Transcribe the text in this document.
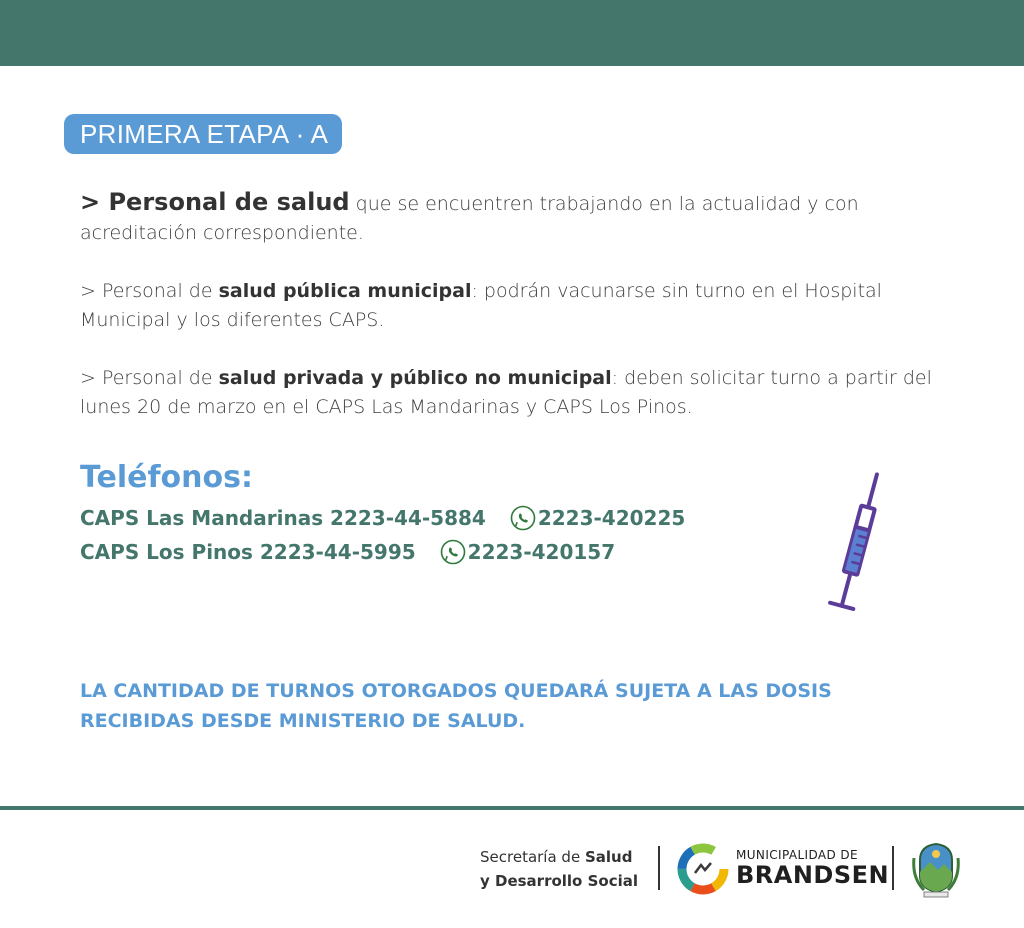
PRIMERA ETAPA · A

> Personal de salud que se encuentren trabajando en la actualidad y con acreditación correspondiente.

> Personal de salud pública municipal: podrán vacunarse sin turno en el Hospital Municipal y los diferentes CAPS.

> Personal de salud privada y público no municipal: deben solicitar turno a partir del lunes 20 de marzo en el CAPS Las Mandarinas y CAPS Los Pinos.

Teléfonos:
CAPS Las Mandarinas 2223-44-5884	2223-420225
CAPS Los Pinos 2223-44-5995	2223-420157
LA CANTIDAD DE TURNOS OTORGADOS QUEDARÁ SUJETA A LAS DOSIS RECIBIDAS DESDE MINISTERIO DE SALUD.
Secretaría de Salud
y Desarrollo Social
MUNICIPALIDAD DE
BRANDSEN
